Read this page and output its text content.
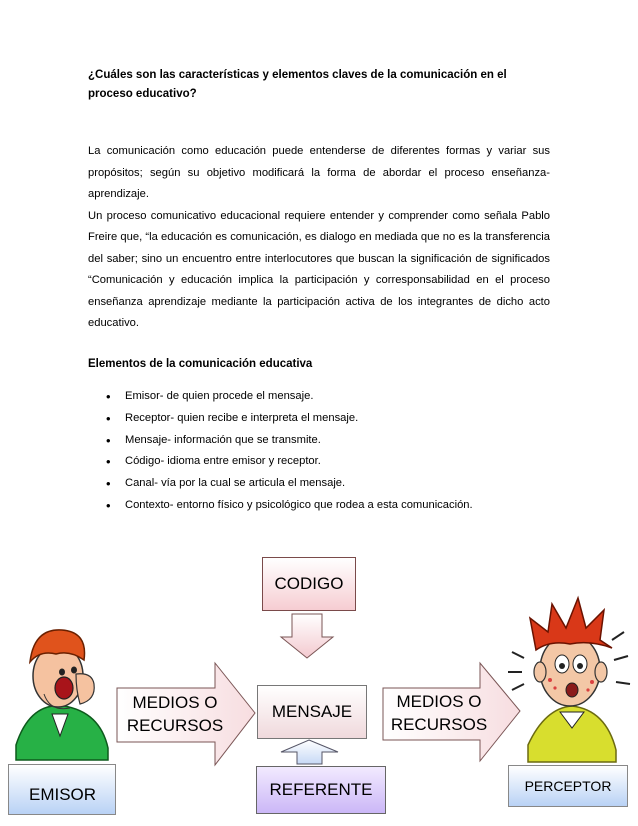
¿Cuáles son las características y elementos claves de la comunicación en el proceso educativo?

La comunicación como educación puede entenderse de diferentes formas y variar sus propósitos; según su objetivo modificará la forma de abordar el proceso enseñanza-aprendizaje.

Un proceso comunicativo educacional requiere entender y comprender como señala Pablo Freire que, “la educación es comunicación, es dialogo en mediada que no es la transferencia del saber; sino un encuentro entre interlocutores que buscan la significación de significados “Comunicación y educación implica la participación y corresponsabilidad en el proceso enseñanza aprendizaje mediante la participación activa de los integrantes de dicho acto educativo.

Elementos de la comunicación educativa
• Emisor- de quien procede el mensaje.
• Receptor- quien recibe e interpreta el mensaje.
• Mensaje- información que se transmite.
• Código- idioma entre emisor y receptor.
• Canal- vía por la cual se articula el mensaje.
• Contexto- entorno físico y psicológico que rodea a esta comunicación.
CODIGO
MENSAJE
REFERENTE
MEDIOS O
RECURSOS
MEDIOS O
RECURSOS
EMISOR	PERCEPTOR
